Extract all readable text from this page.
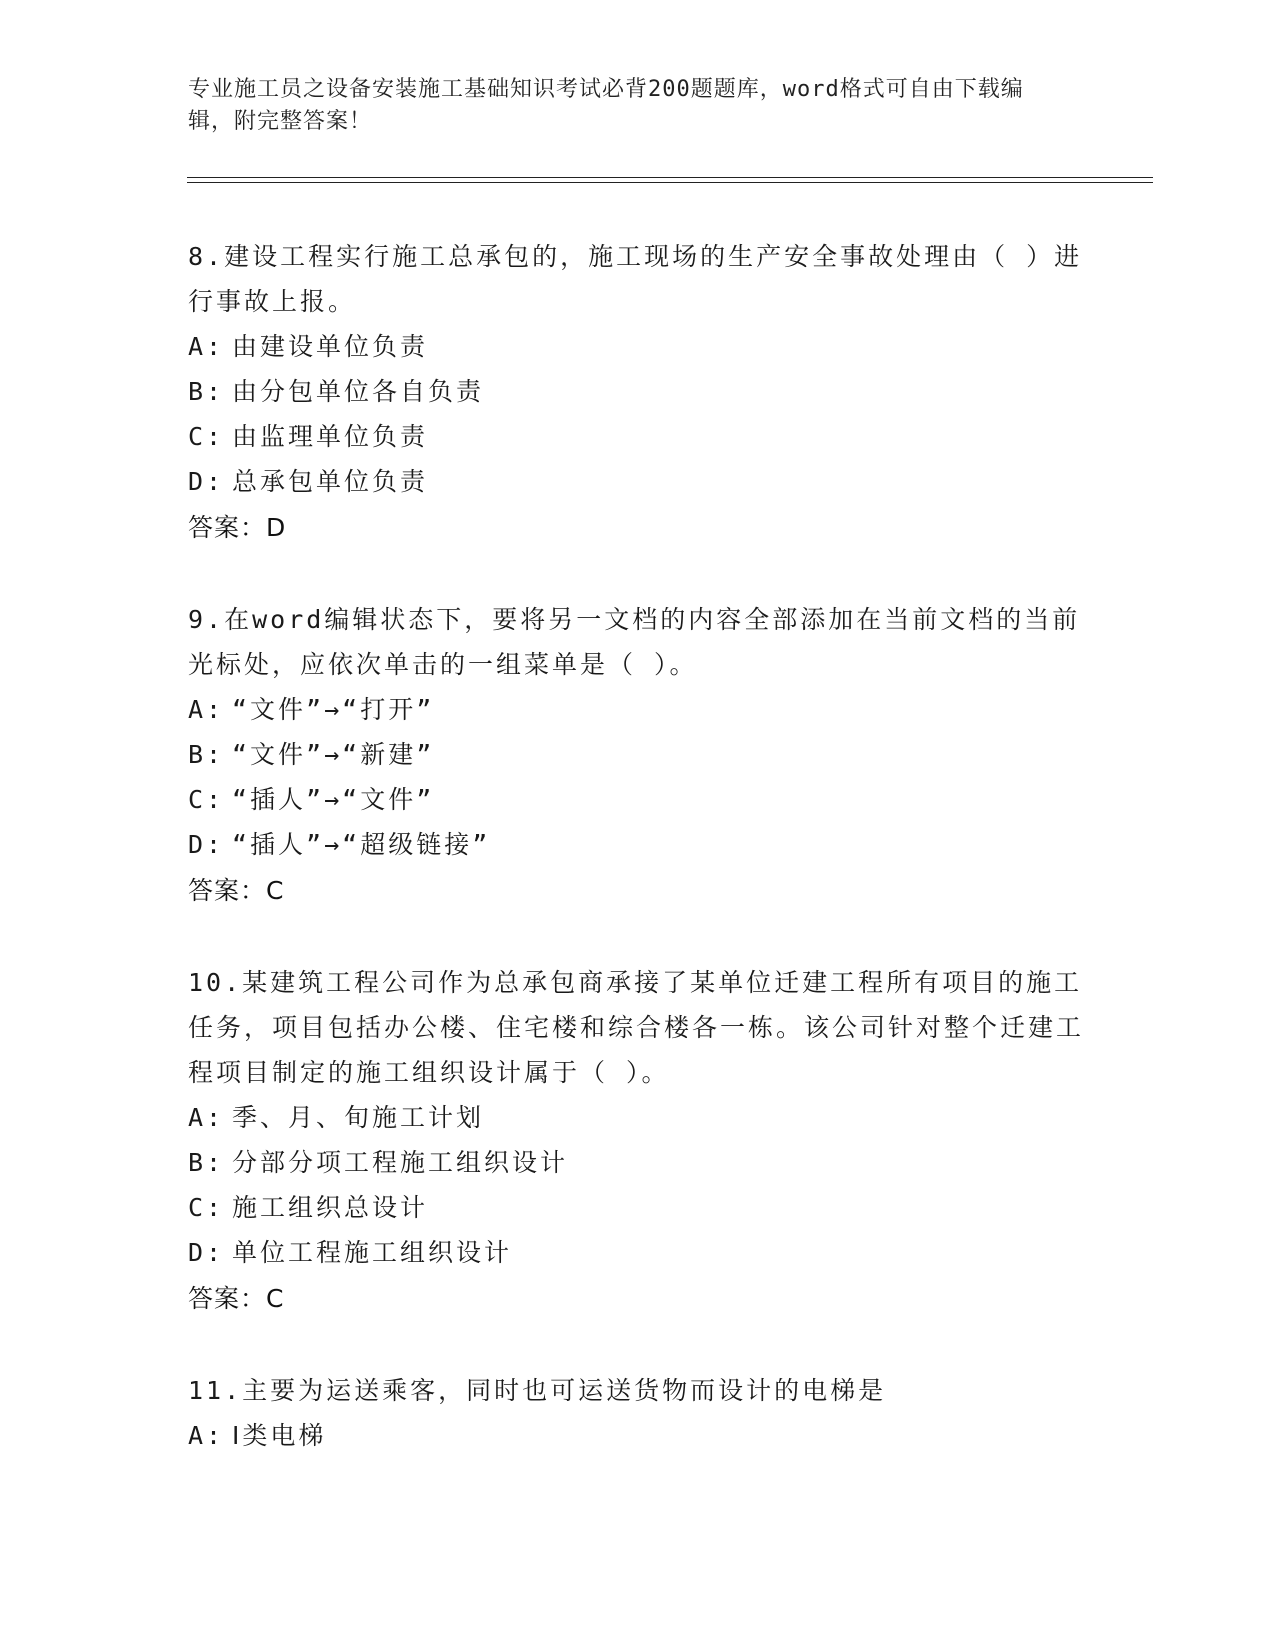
专业施工员之设备安装施工基础知识考试必背200题题库，word格式可自由下载编辑，附完整答案！

8.建设工程实行施工总承包的，施工现场的生产安全事故处理由（ ）进行事故上报。

A: 由建设单位负责

B: 由分包单位各自负责

C: 由监理单位负责

D: 总承包单位负责

答案：D

9.在word编辑状态下，要将另一文档的内容全部添加在当前文档的当前光标处，应依次单击的一组菜单是（ ）。

A: “文件”→“打开”

B: “文件”→“新建”

C: “插人”→“文件”

D: “插人”→“超级链接”

答案：C

10.某建筑工程公司作为总承包商承接了某单位迁建工程所有项目的施工任务，项目包括办公楼、住宅楼和综合楼各一栋。该公司针对整个迁建工程项目制定的施工组织设计属于（ ）。

A: 季、月、旬施工计划

B: 分部分项工程施工组织设计

C: 施工组织总设计

D: 单位工程施工组织设计

答案：C

11.主要为运送乘客，同时也可运送货物而设计的电梯是

A: Ⅰ类电梯
